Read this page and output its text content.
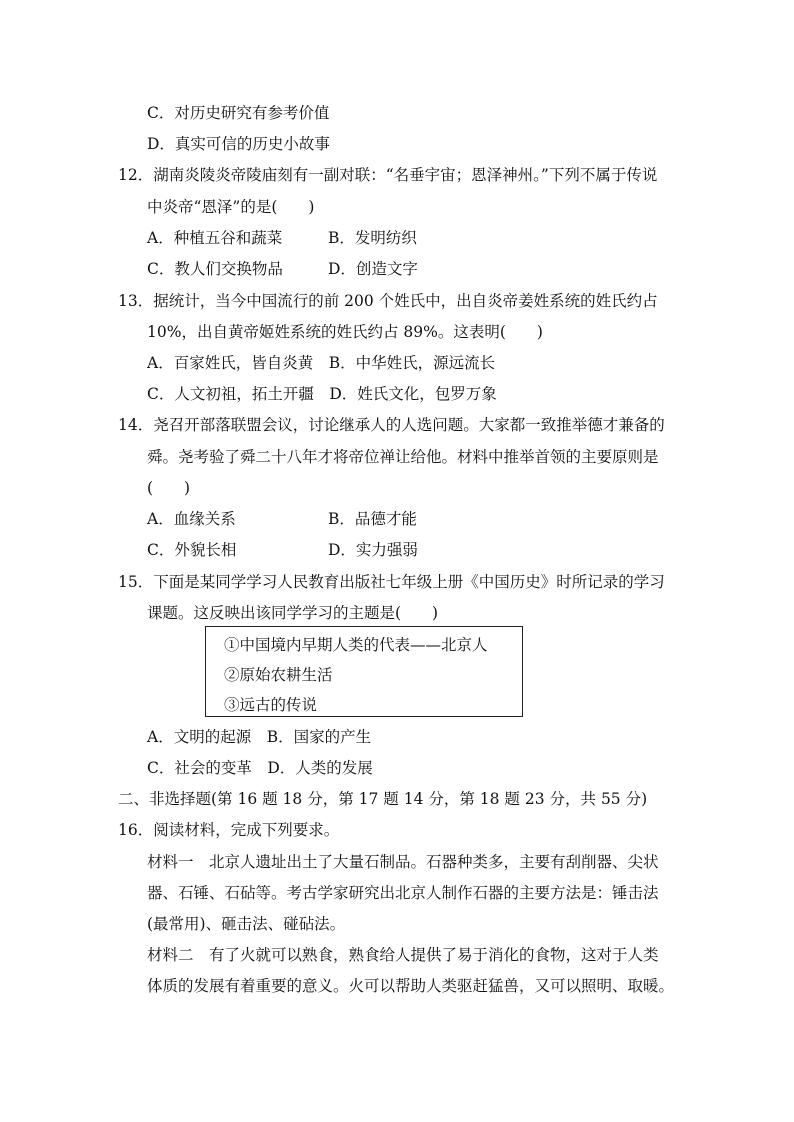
C．对历史研究有参考价值
D．真实可信的历史小故事
12．湖南炎陵炎帝陵庙刻有一副对联：“名垂宇宙；恩泽神州。”下列不属于传说
中炎帝“恩泽”的是(　　)
A．种植五谷和蔬菜	B．发明纺织
C．教人们交换物品	D．创造文字
13．据统计，当今中国流行的前 200 个姓氏中，出自炎帝姜姓系统的姓氏约占
10%，出自黄帝姬姓系统的姓氏约占 89%。这表明(　　)
A．百家姓氏，皆自炎黄　B．中华姓氏，源远流长
C．人文初祖，拓土开疆　D．姓氏文化，包罗万象
14．尧召开部落联盟会议，讨论继承人的人选问题。大家都一致推举德才兼备的
舜。尧考验了舜二十八年才将帝位禅让给他。材料中推举首领的主要原则是
(　　)
A．血缘关系	B．品德才能
C．外貌长相	D．实力强弱
15．下面是某同学学习人民教育出版社七年级上册《中国历史》时所记录的学习
课题。这反映出该同学学习的主题是(　　)
①中国境内早期人类的代表——北京人
②原始农耕生活
③远古的传说
A．文明的起源　B．国家的产生
C．社会的变革　D．人类的发展
二、非选择题(第 16 题 18 分，第 17 题 14 分，第 18 题 23 分，共 55 分)
16．阅读材料，完成下列要求。
材料一　北京人遗址出土了大量石制品。石器种类多，主要有刮削器、尖状
器、石锤、石砧等。考古学家研究出北京人制作石器的主要方法是：锤击法
(最常用)、砸击法、碰砧法。
材料二　有了火就可以熟食，熟食给人提供了易于消化的食物，这对于人类
体质的发展有着重要的意义。火可以帮助人类驱赶猛兽，又可以照明、取暖。
